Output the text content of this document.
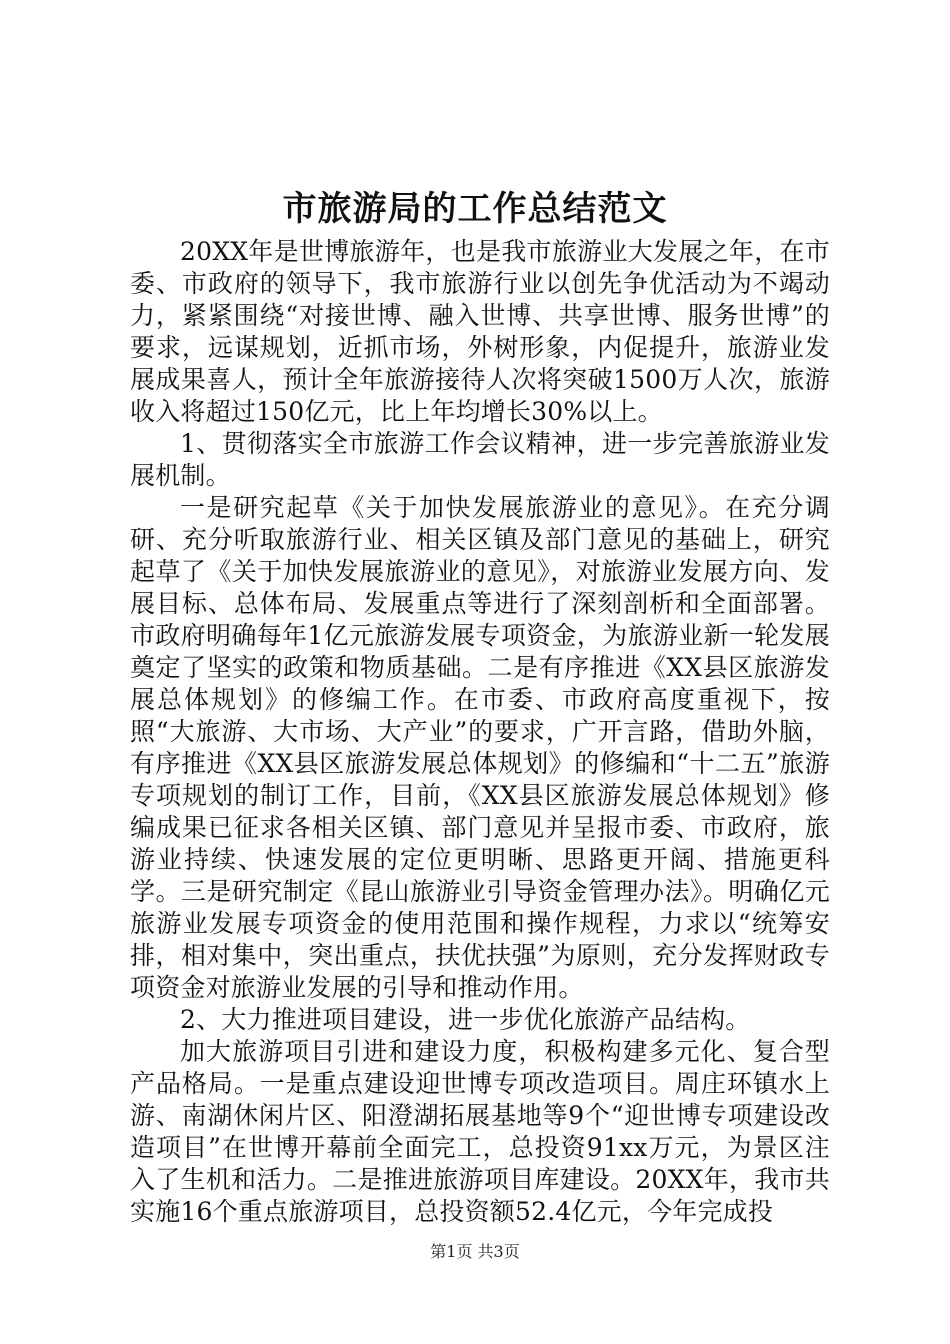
市旅游局的工作总结范文

20XX年是世博旅游年，也是我市旅游业大发展之年，在市委、市政府的领导下，我市旅游行业以创先争优活动为不竭动力，紧紧围绕“对接世博、融入世博、共享世博、服务世博”的要求，远谋规划，近抓市场，外树形象，内促提升，旅游业发展成果喜人，预计全年旅游接待人次将突破1500万人次，旅游收入将超过150亿元，比上年均增长30%以上。

1、贯彻落实全市旅游工作会议精神，进一步完善旅游业发展机制。

一是研究起草《关于加快发展旅游业的意见》。在充分调研、充分听取旅游行业、相关区镇及部门意见的基础上，研究起草了《关于加快发展旅游业的意见》，对旅游业发展方向、发展目标、总体布局、发展重点等进行了深刻剖析和全面部署。市政府明确每年1亿元旅游发展专项资金，为旅游业新一轮发展奠定了坚实的政策和物质基础。二是有序推进《XX县区旅游发展总体规划》的修编工作。在市委、市政府高度重视下，按照“大旅游、大市场、大产业”的要求，广开言路，借助外脑，有序推进《XX县区旅游发展总体规划》的修编和“十二五”旅游专项规划的制订工作，目前，《XX县区旅游发展总体规划》修编成果已征求各相关区镇、部门意见并呈报市委、市政府，旅游业持续、快速发展的定位更明晰、思路更开阔、措施更科学。三是研究制定《昆山旅游业引导资金管理办法》。明确亿元旅游业发展专项资金的使用范围和操作规程，力求以“统筹安排，相对集中，突出重点，扶优扶强”为原则，充分发挥财政专项资金对旅游业发展的引导和推动作用。

2、大力推进项目建设，进一步优化旅游产品结构。

加大旅游项目引进和建设力度，积极构建多元化、复合型产品格局。一是重点建设迎世博专项改造项目。周庄环镇水上游、南湖休闲片区、阳澄湖拓展基地等9个“迎世博专项建设改造项目”在世博开幕前全面完工，总投资91xx万元，为景区注入了生机和活力。二是推进旅游项目库建设。20XX年，我市共实施16个重点旅游项目，总投资额52.4亿元，今年完成投

第1页 共3页
